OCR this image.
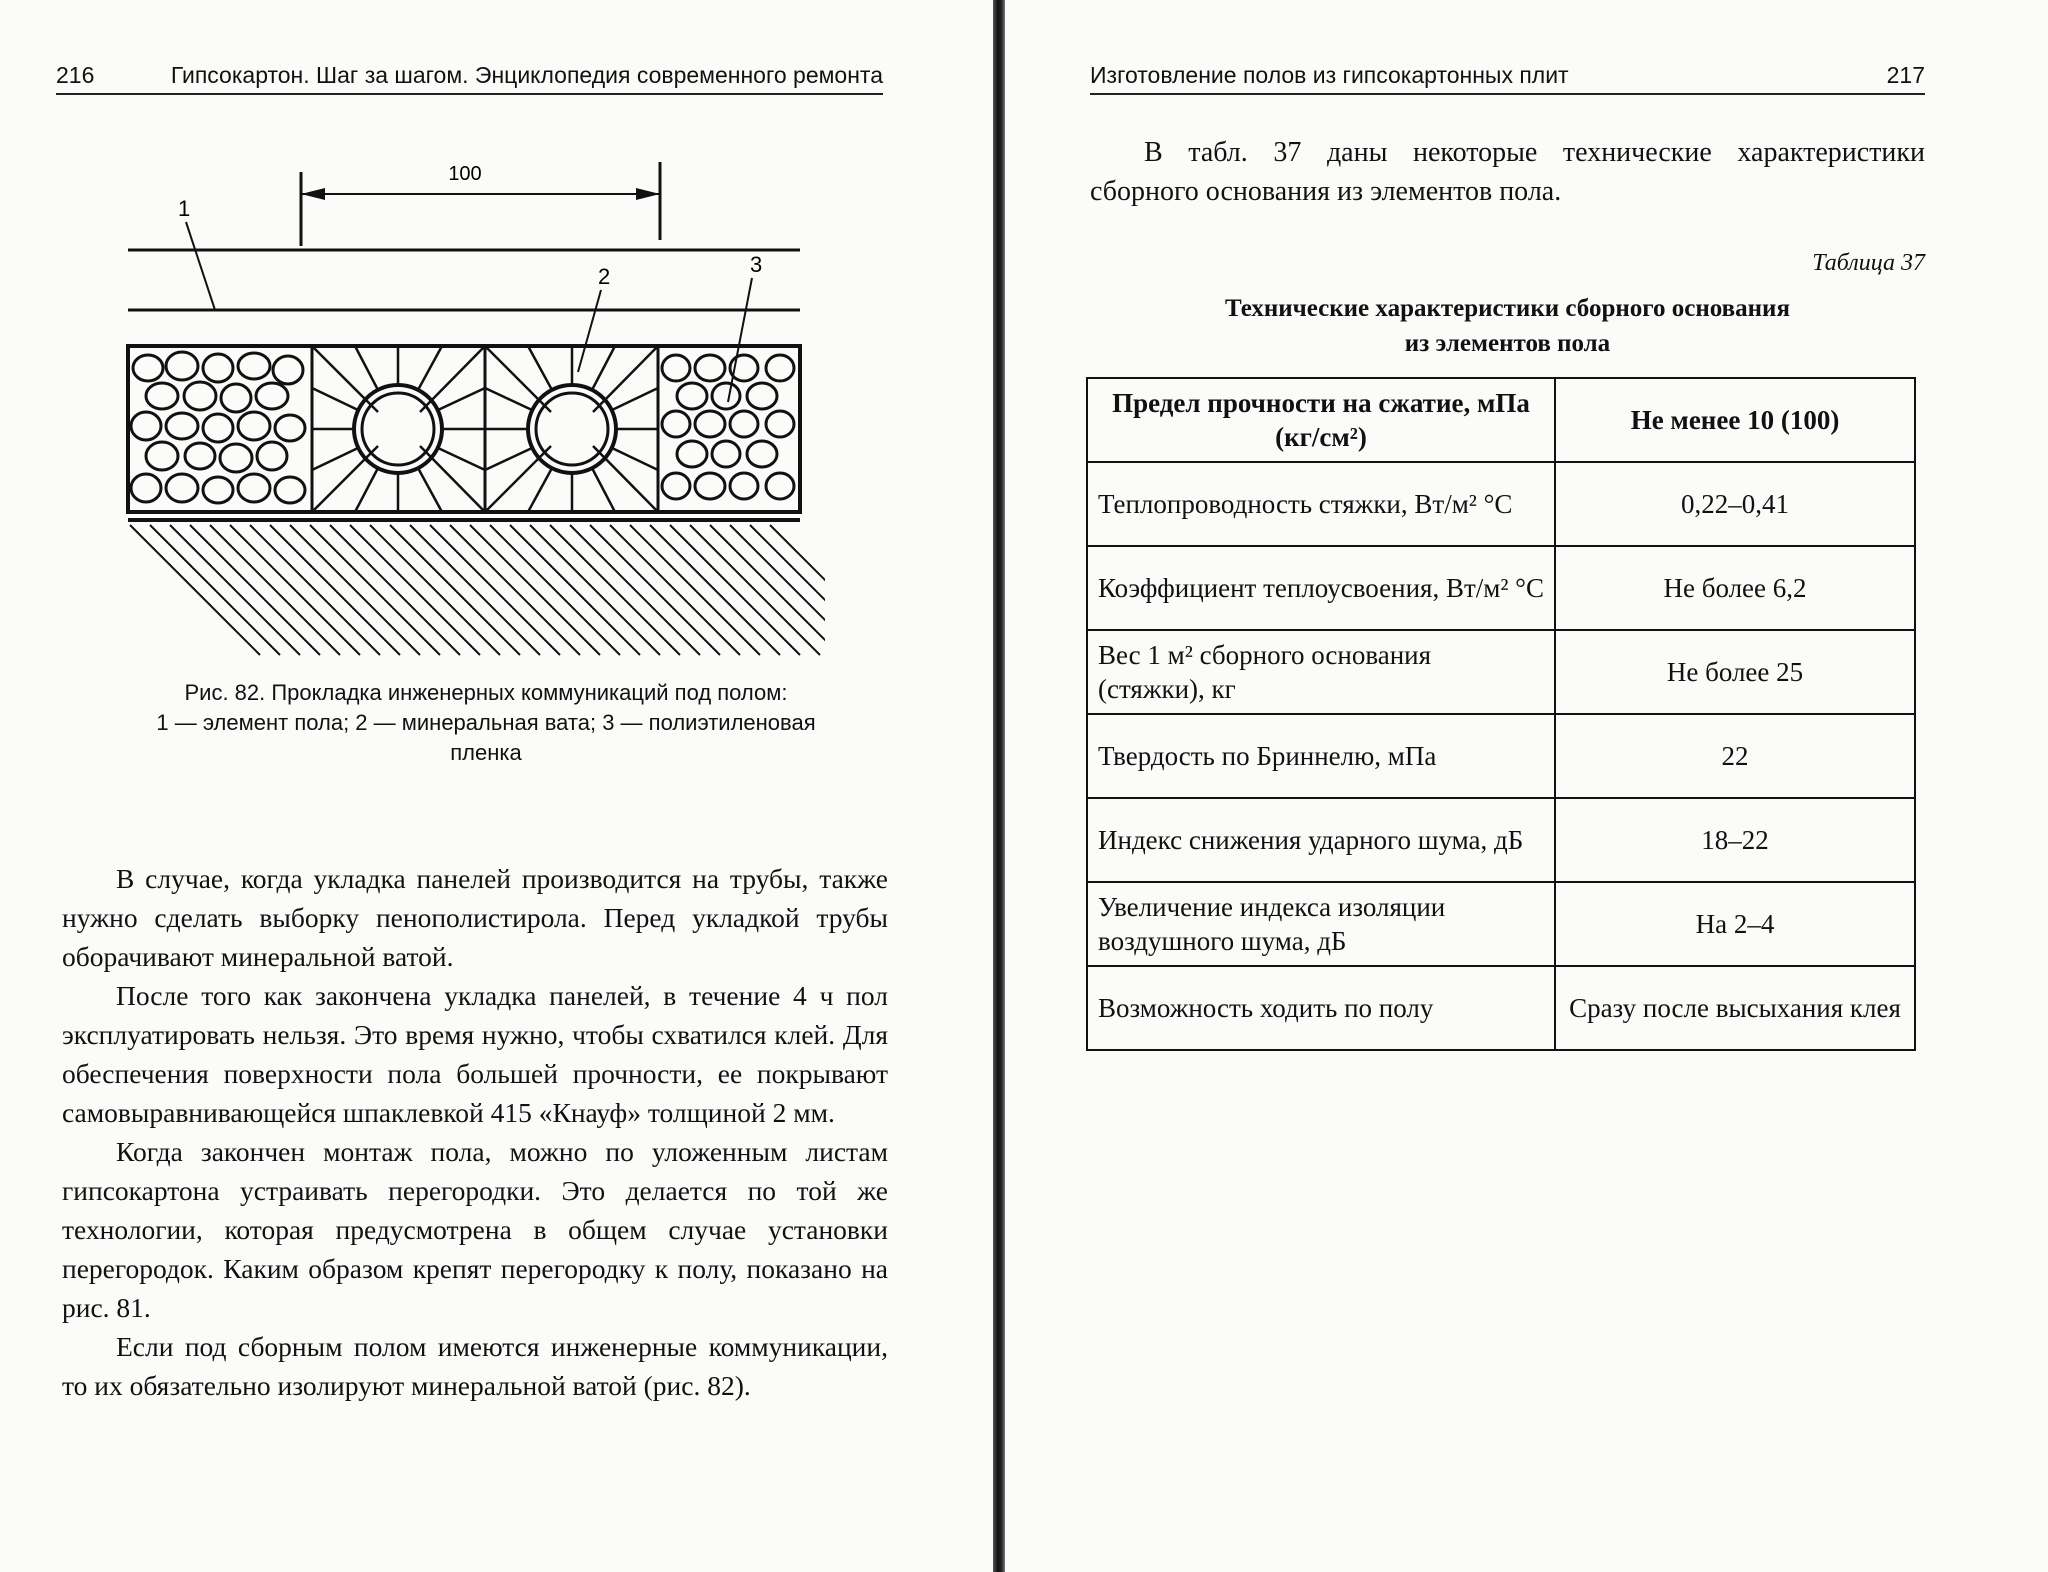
216	Гипсокартон. Шаг за шагом. Энциклопедия современного ремонта
100
1
2	3
Рис. 82. Прокладка инженерных коммуникаций под полом:
1 — элемент пола; 2 — минеральная вата; 3 — полиэтиленовая
пленка

В случае, когда укладка панелей производится на трубы, также нужно сделать выборку пенополистирола. Перед укладкой трубы оборачивают минеральной ватой.

После того как закончена укладка панелей, в течение 4 ч пол эксплуатировать нельзя. Это время нужно, чтобы схватился клей. Для обеспечения поверхности пола большей прочности, ее покрывают самовыравнивающейся шпаклевкой 415 «Кнауф» толщиной 2 мм.

Когда закончен монтаж пола, можно по уложенным листам гипсокартона устраивать перегородки. Это делается по той же технологии, которая предусмотрена в общем случае установки перегородок. Каким образом крепят перегородку к полу, показано на рис. 81.

Если под сборным полом имеются инженерные коммуникации, то их обязательно изолируют минеральной ватой (рис. 82).

Изготовление полов из гипсокартонных плит	217
В табл. 37 даны некоторые технические характеристики сборного основания из элементов пола.
Таблица 37
Технические характеристики сборного основания
из элементов пола
Предел прочности на сжатие, мПа (кг/см²)	Не менее 10 (100)
Теплопроводность стяжки, Вт/м² °С	0,22–0,41
Коэффициент теплоусвоения, Вт/м² °С	Не более 6,2
Вес 1 м² сборного основания (стяжки), кг	Не более 25
Твердость по Бриннелю, мПа	22
Индекс снижения ударного шума, дБ	18–22
Увеличение индекса изоляции воздушного шума, дБ	На 2–4
Возможность ходить по полу	Сразу после высыхания клея
